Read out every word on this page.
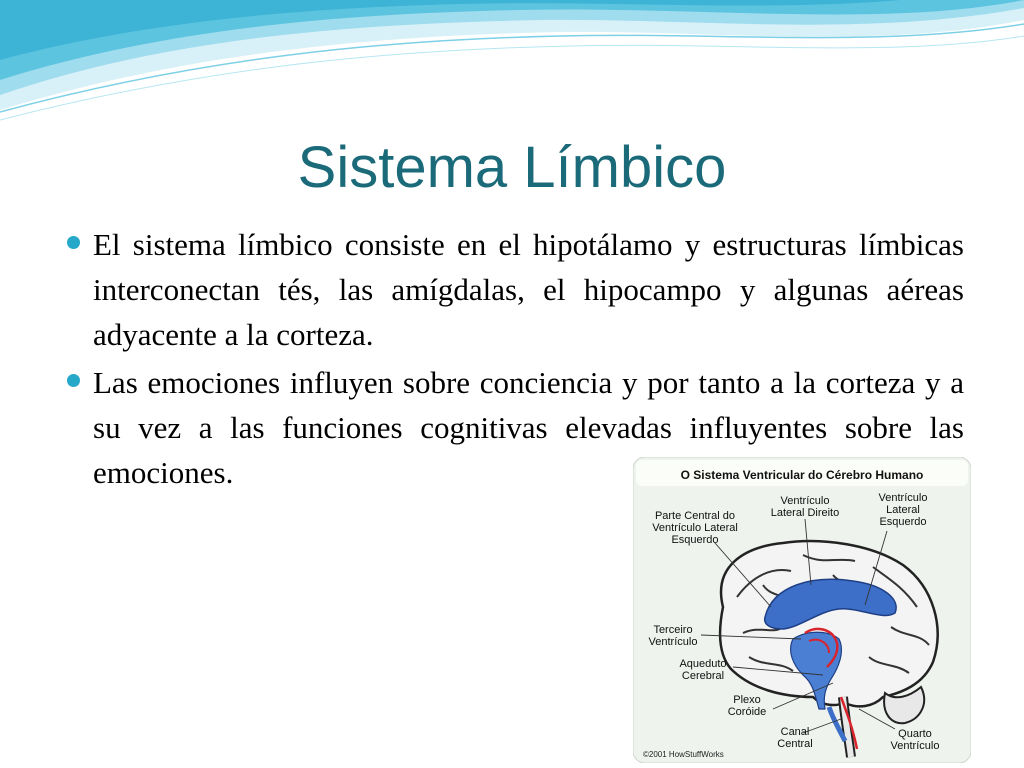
Sistema Límbico
El sistema límbico consiste en el hipotálamo y estructuras límbicas interconectan tés, las amígdalas, el hipocampo y algunas aéreas adyacente a la corteza.
Las emociones influyen sobre conciencia y por tanto a la corteza y a su vez a las funciones cognitivas elevadas influyentes sobre las emociones.	O Sistema Ventricular do Cérebro Humano
Parte Central do
Ventrículo Lateral
Esquerdo
Ventrículo
Lateral Direito
Ventrículo
Lateral
Esquerdo
Terceiro
Ventrículo
Aqueduto
Cerebral
Plexo
Coróide
Canal
Central
Quarto
Ventrículo
©2001 HowStuffWorks
